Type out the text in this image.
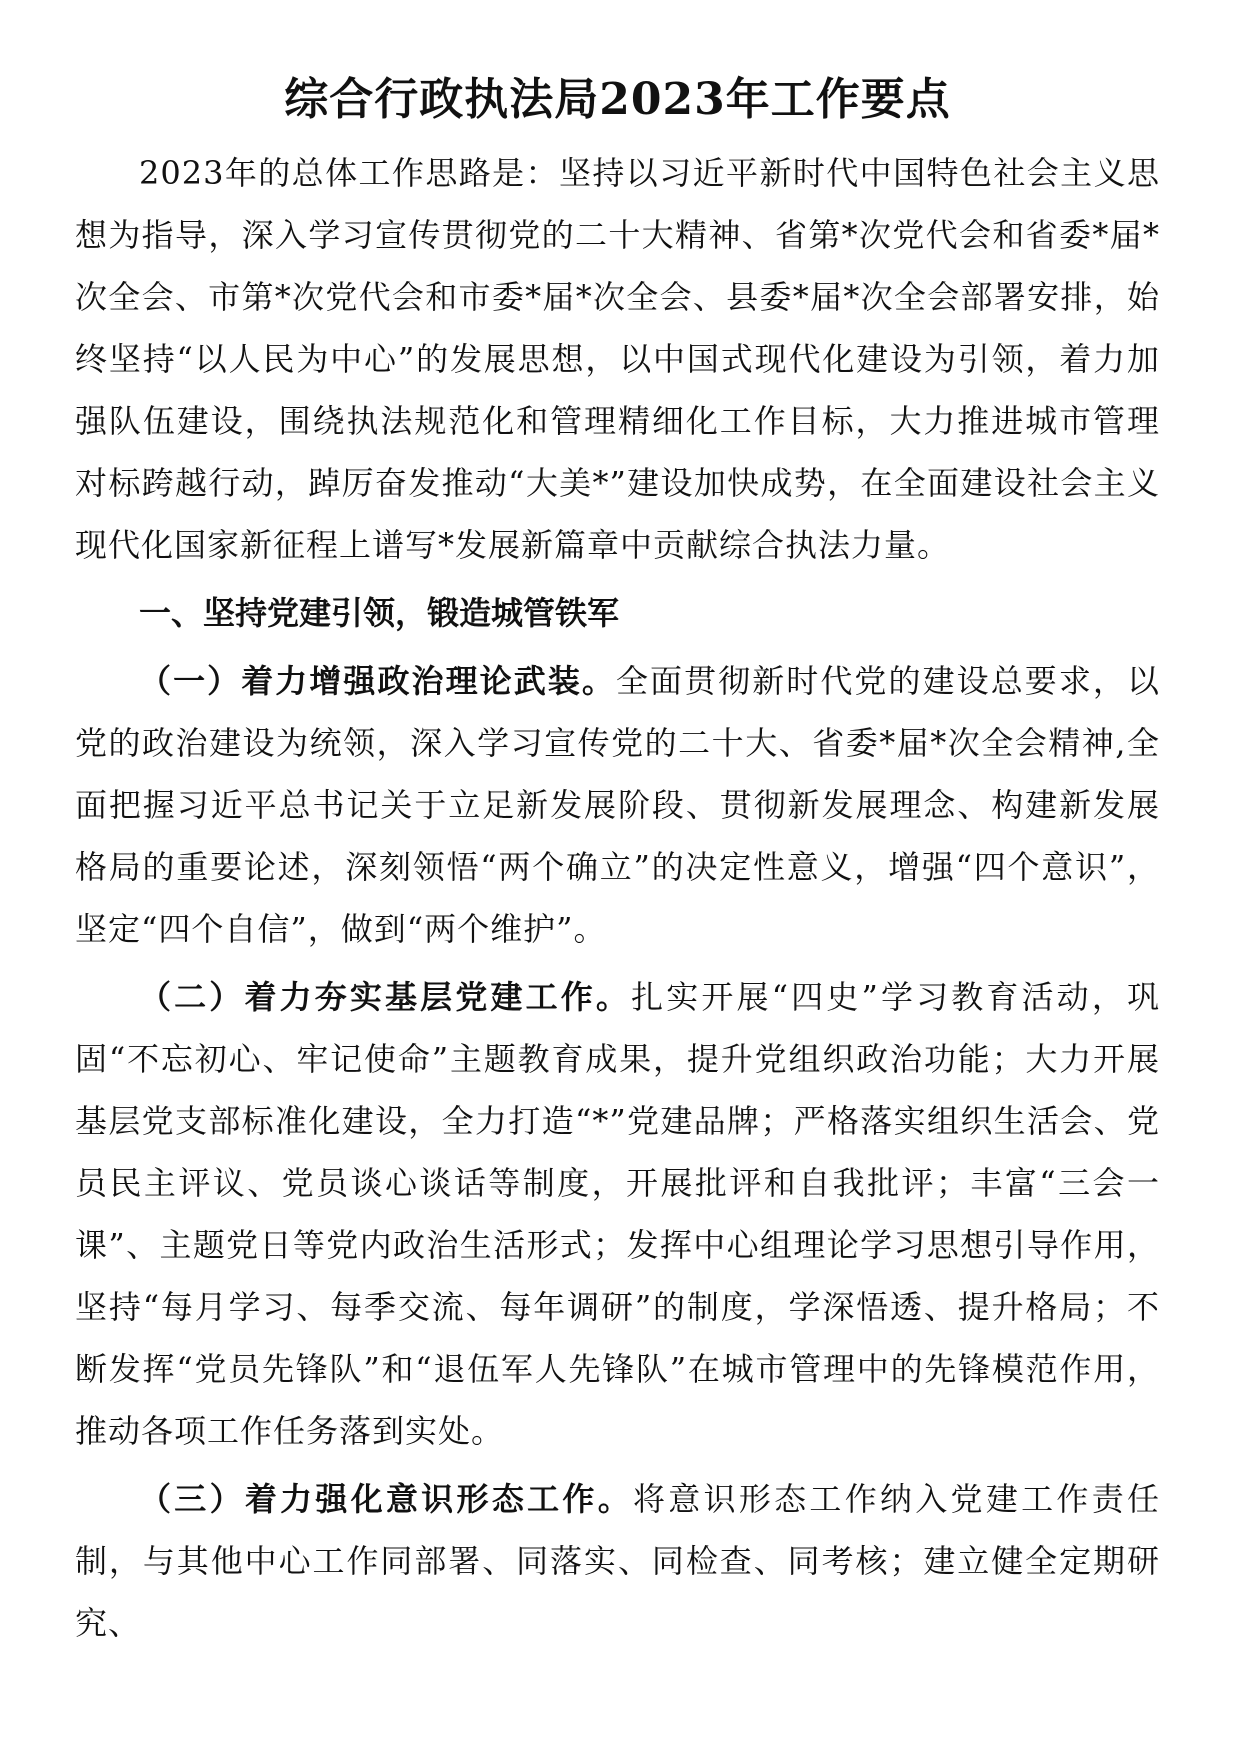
综合行政执法局2023年工作要点

2023年的总体工作思路是：坚持以习近平新时代中国特色社会主义思想为指导，深入学习宣传贯彻党的二十大精神、省第*次党代会和省委*届*次全会、市第*次党代会和市委*届*次全会、县委*届*次全会部署安排，始终坚持“以人民为中心”的发展思想，以中国式现代化建设为引领，着力加强队伍建设，围绕执法规范化和管理精细化工作目标，大力推进城市管理对标跨越行动，踔厉奋发推动“大美*”建设加快成势，在全面建设社会主义现代化国家新征程上谱写*发展新篇章中贡献综合执法力量。

一、坚持党建引领，锻造城管铁军

（一）着力增强政治理论武装。全面贯彻新时代党的建设总要求，以党的政治建设为统领，深入学习宣传党的二十大、省委*届*次全会精神,全面把握习近平总书记关于立足新发展阶段、贯彻新发展理念、构建新发展格局的重要论述，深刻领悟“两个确立”的决定性意义，增强“四个意识”，坚定“四个自信”，做到“两个维护”。

（二）着力夯实基层党建工作。扎实开展“四史”学习教育活动，巩固“不忘初心、牢记使命”主题教育成果，提升党组织政治功能；大力开展基层党支部标准化建设，全力打造“*”党建品牌；严格落实组织生活会、党员民主评议、党员谈心谈话等制度，开展批评和自我批评；丰富“三会一课”、主题党日等党内政治生活形式；发挥中心组理论学习思想引导作用，坚持“每月学习、每季交流、每年调研”的制度，学深悟透、提升格局；不断发挥“党员先锋队”和“退伍军人先锋队”在城市管理中的先锋模范作用，推动各项工作任务落到实处。

（三）着力强化意识形态工作。将意识形态工作纳入党建工作责任制，与其他中心工作同部署、同落实、同检查、同考核；建立健全定期研究、
